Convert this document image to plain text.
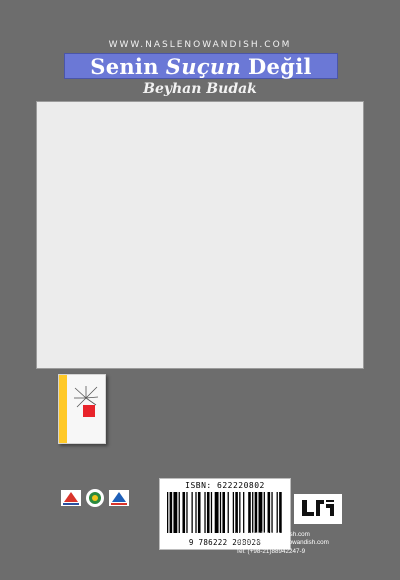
WWW.NASLENOWANDISH.COM
Senin Suçun Değil
Beyhan Budak

ISBN: 622220802
9 786222 208028
www.naslenowandish.com
Email:info@naslenowandish.com
Tel: (+98-21)88942247-9
